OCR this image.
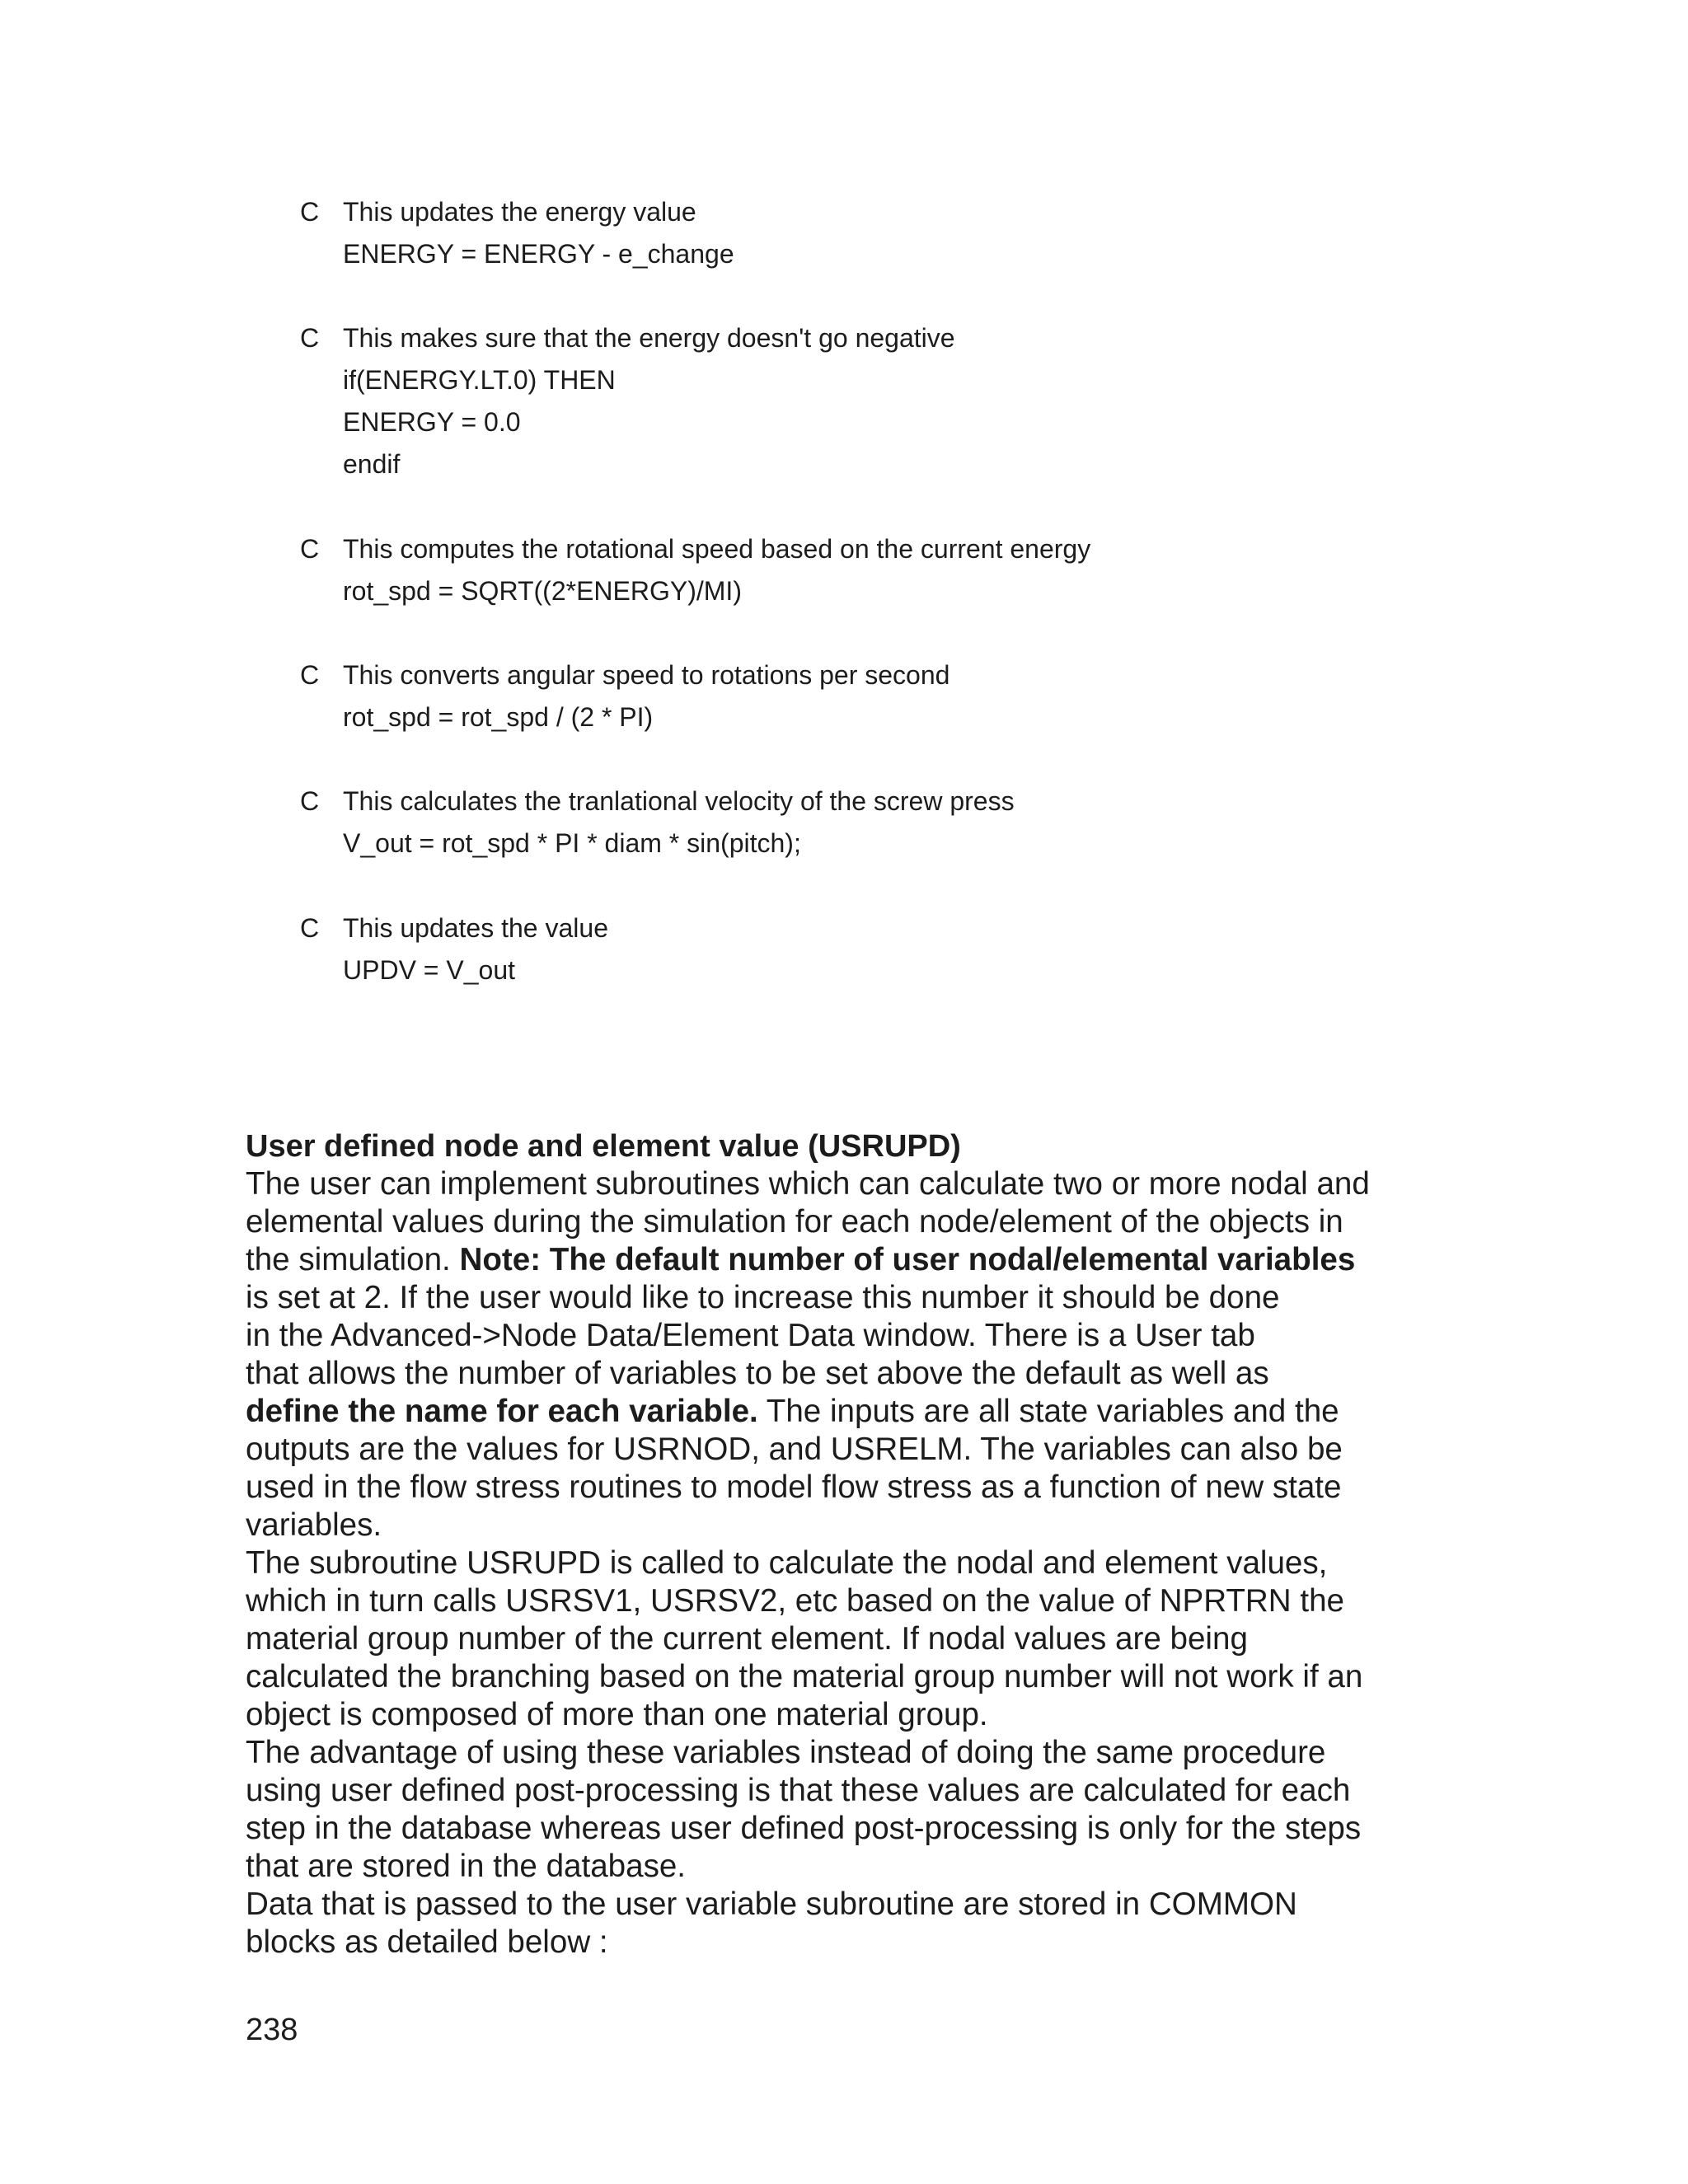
C This updates the energy value
ENERGY = ENERGY - e_change
C This makes sure that the energy doesn't go negative
if(ENERGY.LT.0) THEN
ENERGY = 0.0
endif
C This computes the rotational speed based on the current energy
rot_spd = SQRT((2*ENERGY)/MI)
C This converts angular speed to rotations per second
rot_spd = rot_spd / (2 * PI)
C This calculates the tranlational velocity of the screw press
V_out = rot_spd * PI * diam * sin(pitch);
C This updates the value
UPDV = V_out

User defined node and element value (USRUPD)

The user can implement subroutines which can calculate two or more nodal and

elemental values during the simulation for each node/element of the objects in

the simulation. Note: The default number of user nodal/elemental variables

is set at 2. If the user would like to increase this number it should be done

in the Advanced->Node Data/Element Data window. There is a User tab

that allows the number of variables to be set above the default as well as

define the name for each variable. The inputs are all state variables and the

outputs are the values for USRNOD, and USRELM. The variables can also be

used in the flow stress routines to model flow stress as a function of new state

variables.

The subroutine USRUPD is called to calculate the nodal and element values,

which in turn calls USRSV1, USRSV2, etc based on the value of NPRTRN the

material group number of the current element. If nodal values are being

calculated the branching based on the material group number will not work if an

object is composed of more than one material group.

The advantage of using these variables instead of doing the same procedure

using user defined post-processing is that these values are calculated for each

step in the database whereas user defined post-processing is only for the steps

that are stored in the database.

Data that is passed to the user variable subroutine are stored in COMMON

blocks as detailed below :

238
